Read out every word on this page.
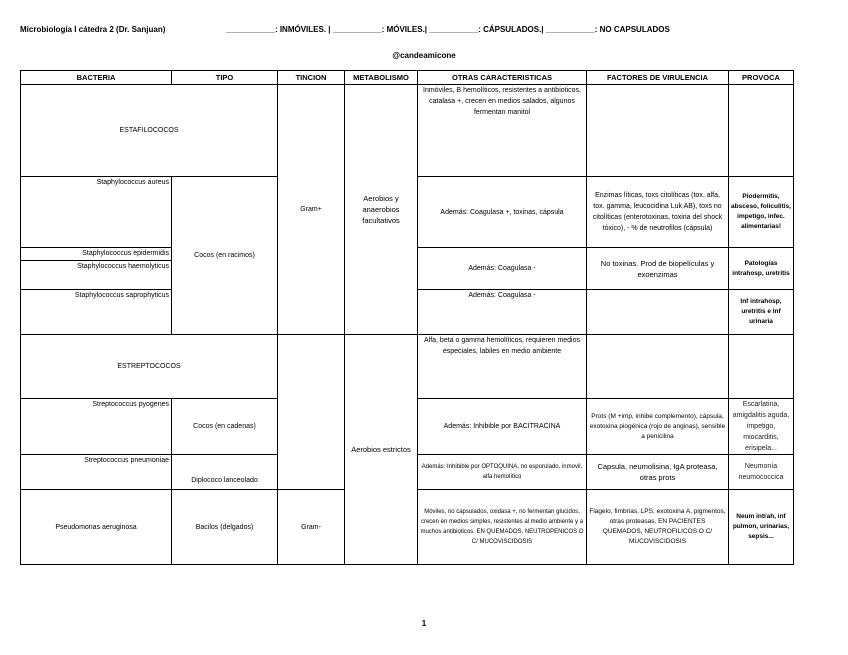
Microbiología I cátedra 2 (Dr. Sanjuan)	___________: INMÓVILES. | ___________: MÓVILES.| ___________: CÁPSULADOS.| ___________: NO CAPSULADOS
@candeamicone
BACTERIA	TIPO	TINCION	METABOLISMO	OTRAS CARACTERISTICAS	FACTORES DE VIRULENCIA	PROVOCA
ESTAFILOCOCOS		Gram+	Aerobios y anaerobios facultativos	Inmóviles, B hemolíticos, resistentes a antibioticos, catalasa +, crecen en medios salados, algunos fermentan manitol		
Staphylococcus aureus	Cocos (en racimos)			Además: Coagulasa +, toxinas, cápsula	Enzimas líticas, toxs citolíticas (tox. alfa, tox. gamma, leucocidina Luk AB), toxs no citolíticas (enterotoxinas, toxina del shock tóxico), - % de neutrofilos (cápsula)	Piodermitis, absceso, foliculitis, impetigo, infec. alimentarias!
Staphylococcus epidermidis				Además: Coagulasa -	No toxinas. Prod de biopelículas y exoenzimas	Patologías intrahosp, uretritis
Staphylococcus haemolyticus						
Staphylococcus saprophyticus				Además: Coagulasa -		Inf intrahosp, uretritis e Inf urinaria
ESTREPTOCOCOS			Aerobios estrictos	Alfa, beta o gamma hemolíticos, requieren medios especiales, labiles en medio ambiente		
Streptococcus pyogenes	Cocos (en cadenas)			Además: Inhibible por BACITRACINA	Prots (M +imp, inhibe complemento), cápsula, exotoxina piogénica (rojo de anginas), sensible a penicilina	Escarlatina, amigdalitis aguda, impetigo, miocarditis, erisipela...
Streptococcus pneumoniae	Diplococo lanceolado			Además: Inhibible por OPTOQUINA, no esporulado, inmovil, alfa hemolítico	Capsula, neumolisina, IgA proteasa, otras prots	Neumonía neumococcica
Pseudomonas aeruginosa	Bacilos (delgados)	Gram-		Móviles, no capsulados, oxidasa +, no fermentan glucidos, crecen en medios simples, resistentes al medio ambiente y a muchos antibioticos. EN QUEMADOS, NEUTROPENICOS O C/ MUCOVISCIDOSIS	Flagelo, fimbrias, LPS, exotoxina A, pigmentos, otras proteasas. EN PACIENTES QUEMADOS, NEUTROFILICOS O C/ MUCOVISCIDOSIS	Neum intrah, inf pulmon, urinarias, sepsis...
1
